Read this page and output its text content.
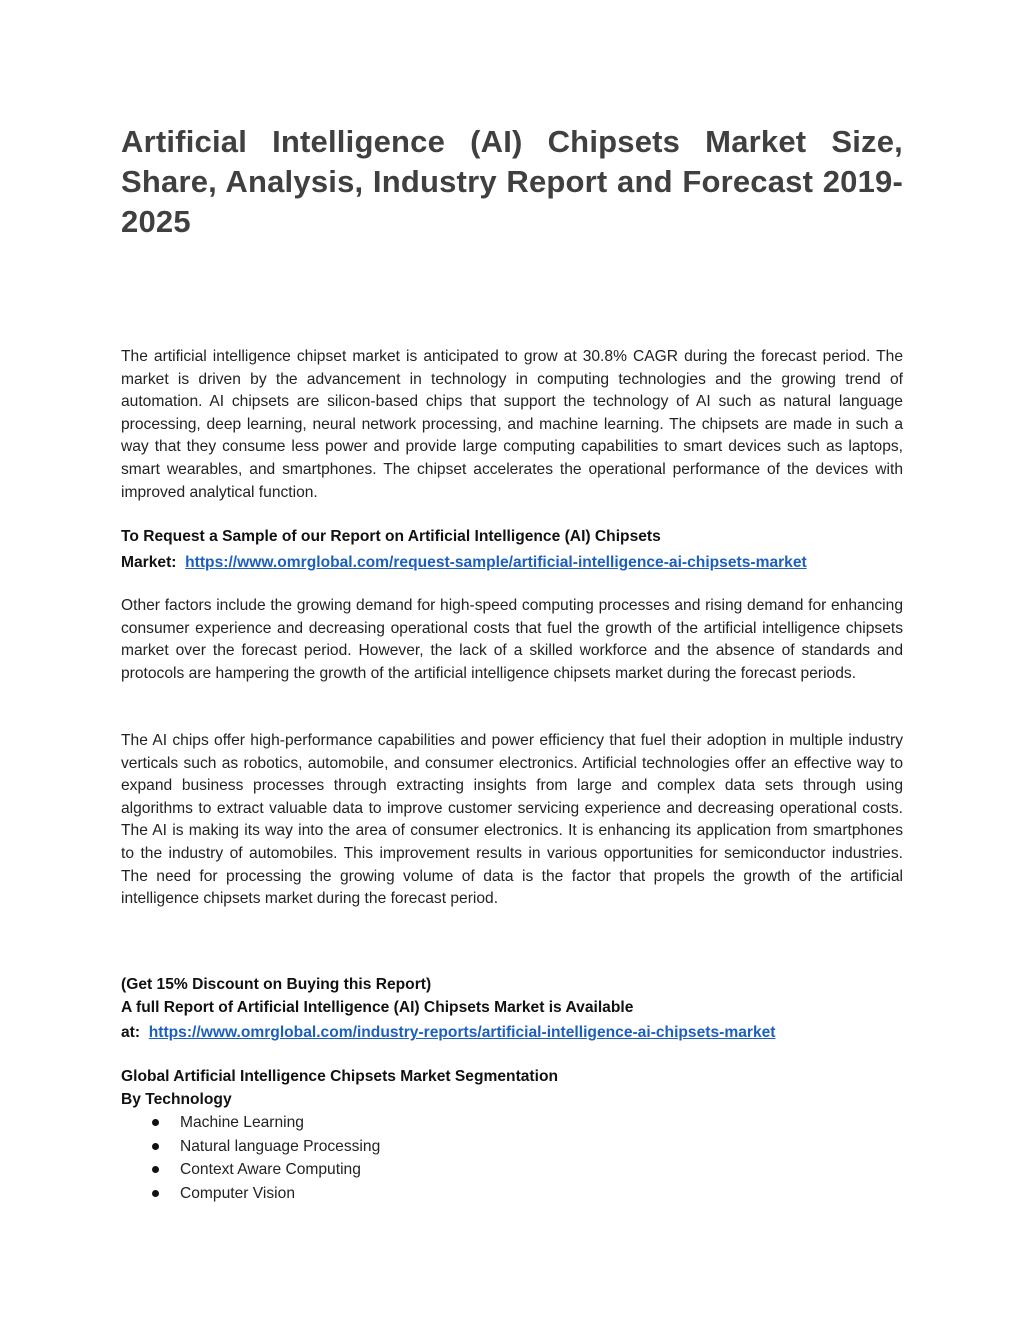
Artificial Intelligence (AI) Chipsets Market Size, Share, Analysis, Industry Report and Forecast 2019-2025

The artificial intelligence chipset market is anticipated to grow at 30.8% CAGR during the forecast period. The market is driven by the advancement in technology in computing technologies and the growing trend of automation. AI chipsets are silicon-based chips that support the technology of AI such as natural language processing, deep learning, neural network processing, and machine learning. The chipsets are made in such a way that they consume less power and provide large computing capabilities to smart devices such as laptops, smart wearables, and smartphones. The chipset accelerates the operational performance of the devices with improved analytical function.

To Request a Sample of our Report on Artificial Intelligence (AI) Chipsets

Market: https://www.omrglobal.com/request-sample/artificial-intelligence-ai-chipsets-market

Other factors include the growing demand for high-speed computing processes and rising demand for enhancing consumer experience and decreasing operational costs that fuel the growth of the artificial intelligence chipsets market over the forecast period. However, the lack of a skilled workforce and the absence of standards and protocols are hampering the growth of the artificial intelligence chipsets market during the forecast periods.

The AI chips offer high-performance capabilities and power efficiency that fuel their adoption in multiple industry verticals such as robotics, automobile, and consumer electronics. Artificial technologies offer an effective way to expand business processes through extracting insights from large and complex data sets through using algorithms to extract valuable data to improve customer servicing experience and decreasing operational costs. The AI is making its way into the area of consumer electronics. It is enhancing its application from smartphones to the industry of automobiles. This improvement results in various opportunities for semiconductor industries. The need for processing the growing volume of data is the factor that propels the growth of the artificial intelligence chipsets market during the forecast period.

(Get 15% Discount on Buying this Report)

A full Report of Artificial Intelligence (AI) Chipsets Market is Available

at: https://www.omrglobal.com/industry-reports/artificial-intelligence-ai-chipsets-market

Global Artificial Intelligence Chipsets Market Segmentation

By Technology

Machine Learning
Natural language Processing
Context Aware Computing
Computer Vision
